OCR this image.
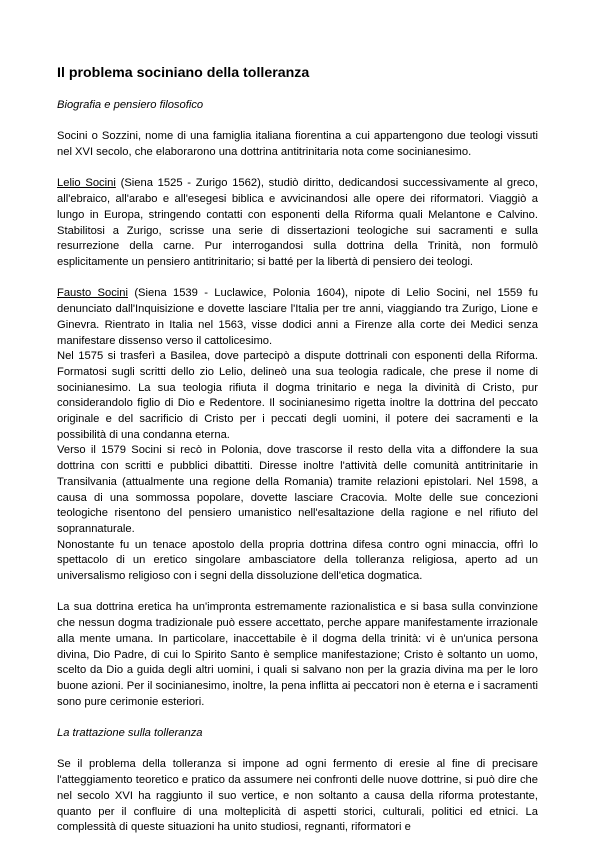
Il problema sociniano della tolleranza
Biografia e pensiero filosofico

Socini o Sozzini, nome di una famiglia italiana fiorentina a cui appartengono due teologi vissuti nel XVI secolo, che elaborarono una dottrina antitrinitaria nota come socinianesimo.

Lelio Socini (Siena 1525 - Zurigo 1562), studiò diritto, dedicandosi successivamente al greco, all'ebraico, all'arabo e all'esegesi biblica e avvicinandosi alle opere dei riformatori. Viaggiò a lungo in Europa, stringendo contatti con esponenti della Riforma quali Melantone e Calvino. Stabilitosi a Zurigo, scrisse una serie di dissertazioni teologiche sui sacramenti e sulla resurrezione della carne. Pur interrogandosi sulla dottrina della Trinità, non formulò esplicitamente un pensiero antitrinitario; si batté per la libertà di pensiero dei teologi.

Fausto Socini (Siena 1539 - Luclawice, Polonia 1604), nipote di Lelio Socini, nel 1559 fu denunciato dall'Inquisizione e dovette lasciare l'Italia per tre anni, viaggiando tra Zurigo, Lione e Ginevra. Rientrato in Italia nel 1563, visse dodici anni a Firenze alla corte dei Medici senza manifestare dissenso verso il cattolicesimo.

Nel 1575 si trasferì a Basilea, dove partecipò a dispute dottrinali con esponenti della Riforma. Formatosi sugli scritti dello zio Lelio, delineò una sua teologia radicale, che prese il nome di socinianesimo. La sua teologia rifiuta il dogma trinitario e nega la divinità di Cristo, pur considerandolo figlio di Dio e Redentore. Il socinianesimo rigetta inoltre la dottrina del peccato originale e del sacrificio di Cristo per i peccati degli uomini, il potere dei sacramenti e la possibilità di una condanna eterna.

Verso il 1579 Socini si recò in Polonia, dove trascorse il resto della vita a diffondere la sua dottrina con scritti e pubblici dibattiti. Diresse inoltre l'attività delle comunità antitrinitarie in Transilvania (attualmente una regione della Romania) tramite relazioni epistolari. Nel 1598, a causa di una sommossa popolare, dovette lasciare Cracovia. Molte delle sue concezioni teologiche risentono del pensiero umanistico nell'esaltazione della ragione e nel rifiuto del soprannaturale.

Nonostante fu un tenace apostolo della propria dottrina difesa contro ogni minaccia, offrì lo spettacolo di un eretico singolare ambasciatore della tolleranza religiosa, aperto ad un universalismo religioso con i segni della dissoluzione dell'etica dogmatica.

La sua dottrina eretica ha un'impronta estremamente razionalistica e si basa sulla convinzione che nessun dogma tradizionale può essere accettato, perche appare manifestamente irrazionale alla mente umana. In particolare, inaccettabile è il dogma della trinità: vi è un'unica persona divina, Dio Padre, di cui lo Spirito Santo è semplice manifestazione; Cristo è soltanto un uomo, scelto da Dio a guida degli altri uomini, i quali si salvano non per la grazia divina ma per le loro buone azioni. Per il socinianesimo, inoltre, la pena inflitta ai peccatori non è eterna e i sacramenti sono pure cerimonie esteriori.

La trattazione sulla tolleranza

Se il problema della tolleranza si impone ad ogni fermento di eresie al fine di precisare l'atteggiamento teoretico e pratico da assumere nei confronti delle nuove dottrine, si può dire che nel secolo XVI ha raggiunto il suo vertice, e non soltanto a causa della riforma protestante, quanto per il confluire di una molteplicità di aspetti storici, culturali, politici ed etnici. La complessità di queste situazioni ha unito studiosi, regnanti, riformatori e
